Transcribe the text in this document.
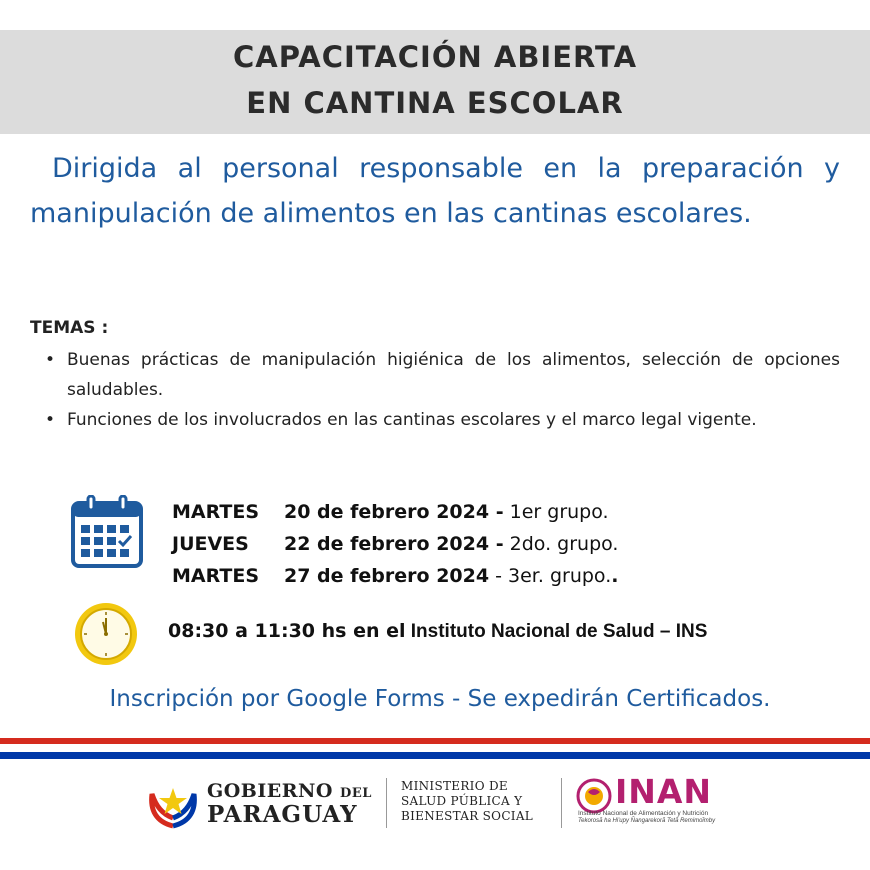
CAPACITACIÓN ABIERTA
EN CANTINA ESCOLAR
Dirigida al personal responsable en la preparación y manipulación de alimentos en las cantinas escolares.
TEMAS :
• Buenas prácticas de manipulación higiénica de los alimentos, selección de opciones saludables.
• Funciones de los involucrados en las cantinas escolares y el marco legal vigente.
MARTES 20 de febrero 2024 - 1er grupo.
JUEVES 22 de febrero 2024 - 2do. grupo.
MARTES 27 de febrero 2024 - 3er. grupo..
08:30 a 11:30 hs en el Instituto Nacional de Salud – INS
Inscripción por Google Forms - Se expedirán Certificados.
GOBIERNO DEL
PARAGUAY
MINISTERIO DE
SALUD PÚBLICA Y
BIENESTAR SOCIAL
INAN
Instituto Nacional de Alimentación y Nutrición
Tekorosã ha Hi'upy Ñangarekorã Tetã Remimoĩmby
